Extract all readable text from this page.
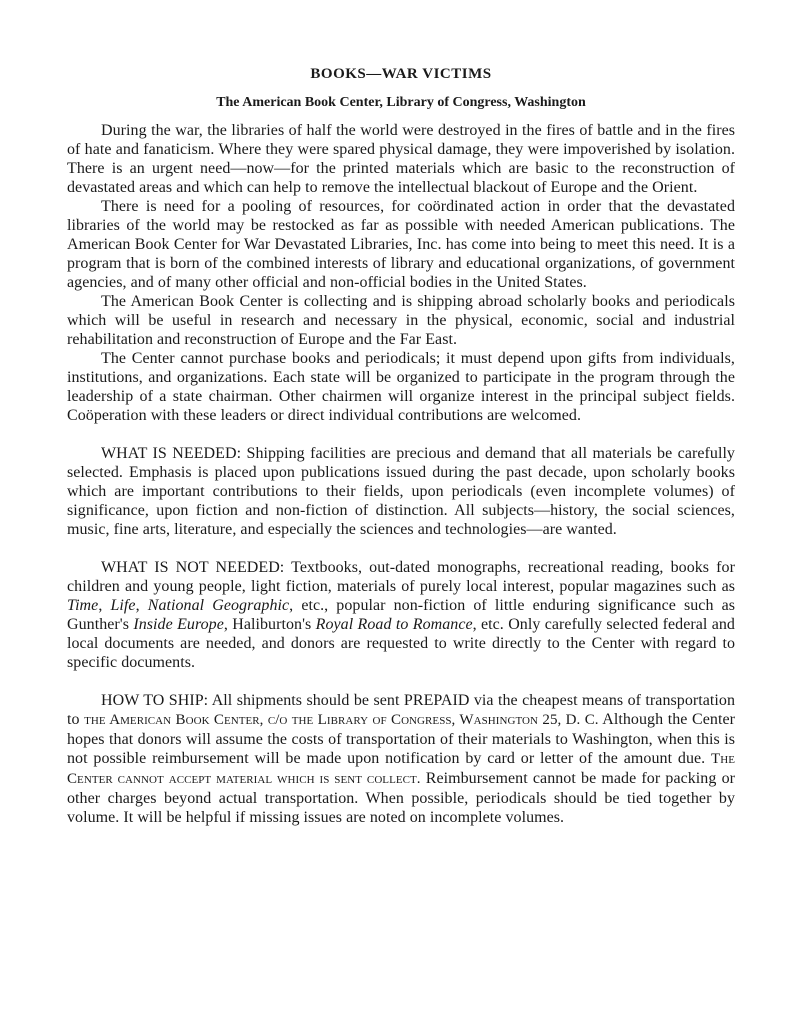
BOOKS—WAR VICTIMS
The American Book Center, Library of Congress, Washington

During the war, the libraries of half the world were destroyed in the fires of battle and in the fires of hate and fanaticism. Where they were spared physical damage, they were impoverished by isolation. There is an urgent need—now—for the printed materials which are basic to the reconstruction of devastated areas and which can help to remove the intellectual blackout of Europe and the Orient.

There is need for a pooling of resources, for coördinated action in order that the devastated libraries of the world may be restocked as far as possible with needed American publications. The American Book Center for War Devastated Libraries, Inc. has come into being to meet this need. It is a program that is born of the combined interests of library and educational organizations, of government agencies, and of many other official and non-official bodies in the United States.

The American Book Center is collecting and is shipping abroad scholarly books and periodicals which will be useful in research and necessary in the physical, economic, social and industrial rehabilitation and reconstruction of Europe and the Far East.

The Center cannot purchase books and periodicals; it must depend upon gifts from individuals, institutions, and organizations. Each state will be organized to participate in the program through the leadership of a state chairman. Other chairmen will organize interest in the principal subject fields. Coöperation with these leaders or direct individual contributions are welcomed.

WHAT IS NEEDED: Shipping facilities are precious and demand that all materials be carefully selected. Emphasis is placed upon publications issued during the past decade, upon scholarly books which are important contributions to their fields, upon periodicals (even incomplete volumes) of significance, upon fiction and non-fiction of distinction. All subjects—history, the social sciences, music, fine arts, literature, and especially the sciences and technologies—are wanted.

WHAT IS NOT NEEDED: Textbooks, out-dated monographs, recreational reading, books for children and young people, light fiction, materials of purely local interest, popular magazines such as Time, Life, National Geographic, etc., popular non-fiction of little enduring significance such as Gunther's Inside Europe, Haliburton's Royal Road to Romance, etc. Only carefully selected federal and local documents are needed, and donors are requested to write directly to the Center with regard to specific documents.

HOW TO SHIP: All shipments should be sent PREPAID via the cheapest means of transportation to the American Book Center, c/o the Library of Congress, Washington 25, D. C. Although the Center hopes that donors will assume the costs of transportation of their materials to Washington, when this is not possible reimbursement will be made upon notification by card or letter of the amount due. The Center cannot accept material which is sent collect. Reimbursement cannot be made for packing or other charges beyond actual transportation. When possible, periodicals should be tied together by volume. It will be helpful if missing issues are noted on incomplete volumes.
